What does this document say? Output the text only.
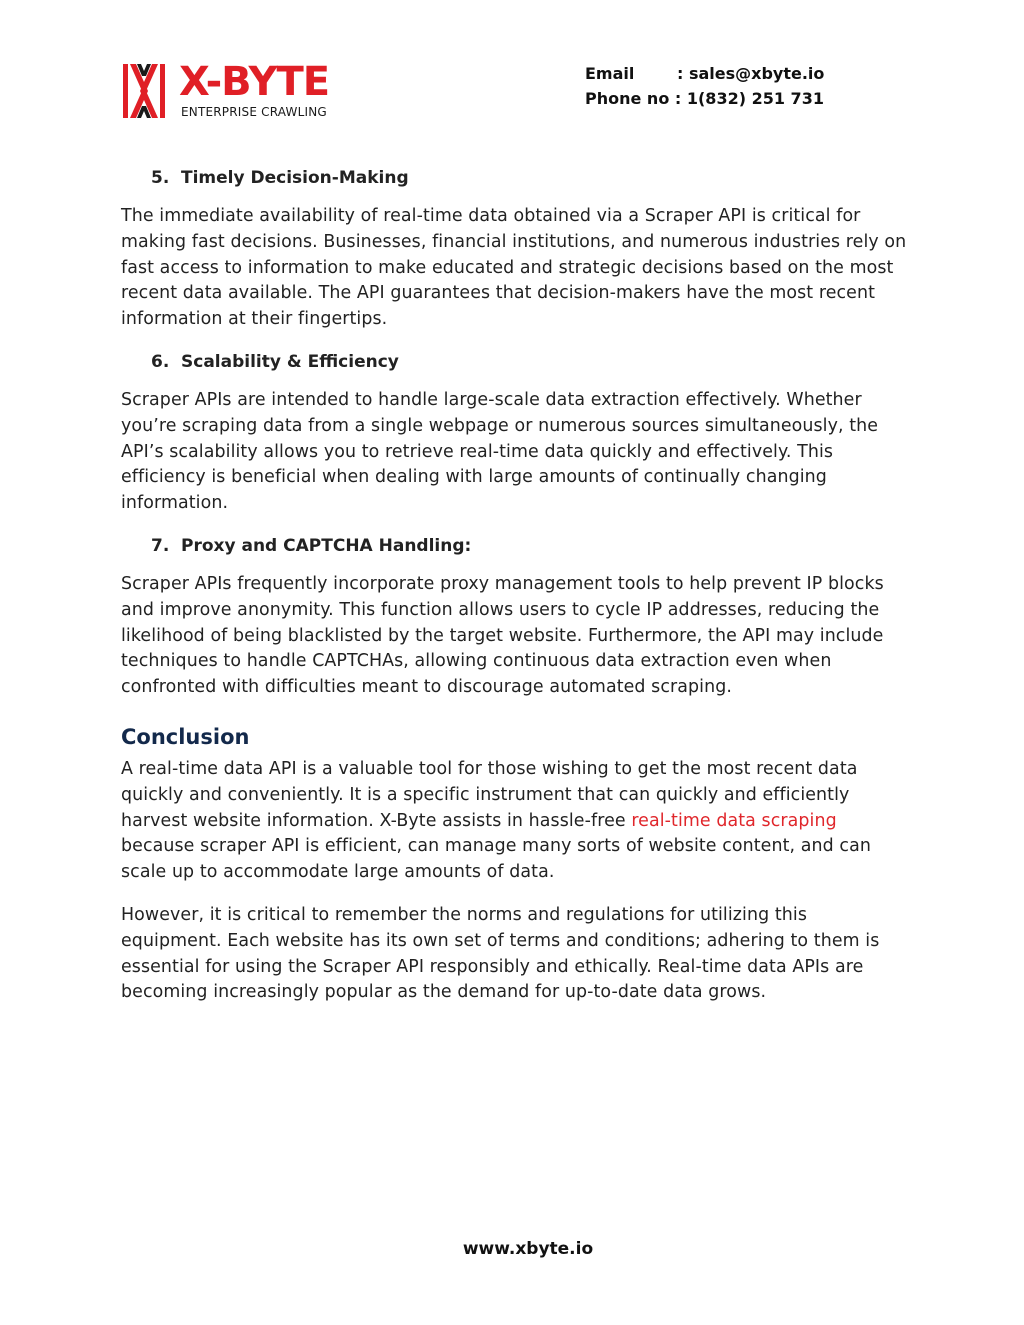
X-BYTE
ENTERPRISE CRAWLING
Email	: sales@xbyte.io
Phone no : 1(832) 251 731
5. Timely Decision-Making

The immediate availability of real-time data obtained via a Scraper API is critical for making fast decisions. Businesses, financial institutions, and numerous industries rely on fast access to information to make educated and strategic decisions based on the most recent data available. The API guarantees that decision-makers have the most recent information at their fingertips.

6. Scalability & Efficiency

Scraper APIs are intended to handle large-scale data extraction effectively. Whether you’re scraping data from a single webpage or numerous sources simultaneously, the API’s scalability allows you to retrieve real-time data quickly and effectively. This efficiency is beneficial when dealing with large amounts of continually changing information.

7. Proxy and CAPTCHA Handling:

Scraper APIs frequently incorporate proxy management tools to help prevent IP blocks and improve anonymity. This function allows users to cycle IP addresses, reducing the likelihood of being blacklisted by the target website. Furthermore, the API may include techniques to handle CAPTCHAs, allowing continuous data extraction even when confronted with difficulties meant to discourage automated scraping.

Conclusion

A real-time data API is a valuable tool for those wishing to get the most recent data quickly and conveniently. It is a specific instrument that can quickly and efficiently harvest website information. X-Byte assists in hassle-free real-time data scraping because scraper API is efficient, can manage many sorts of website content, and can scale up to accommodate large amounts of data.

However, it is critical to remember the norms and regulations for utilizing this equipment. Each website has its own set of terms and conditions; adhering to them is essential for using the Scraper API responsibly and ethically. Real-time data APIs are becoming increasingly popular as the demand for up-to-date data grows.

www.xbyte.io
